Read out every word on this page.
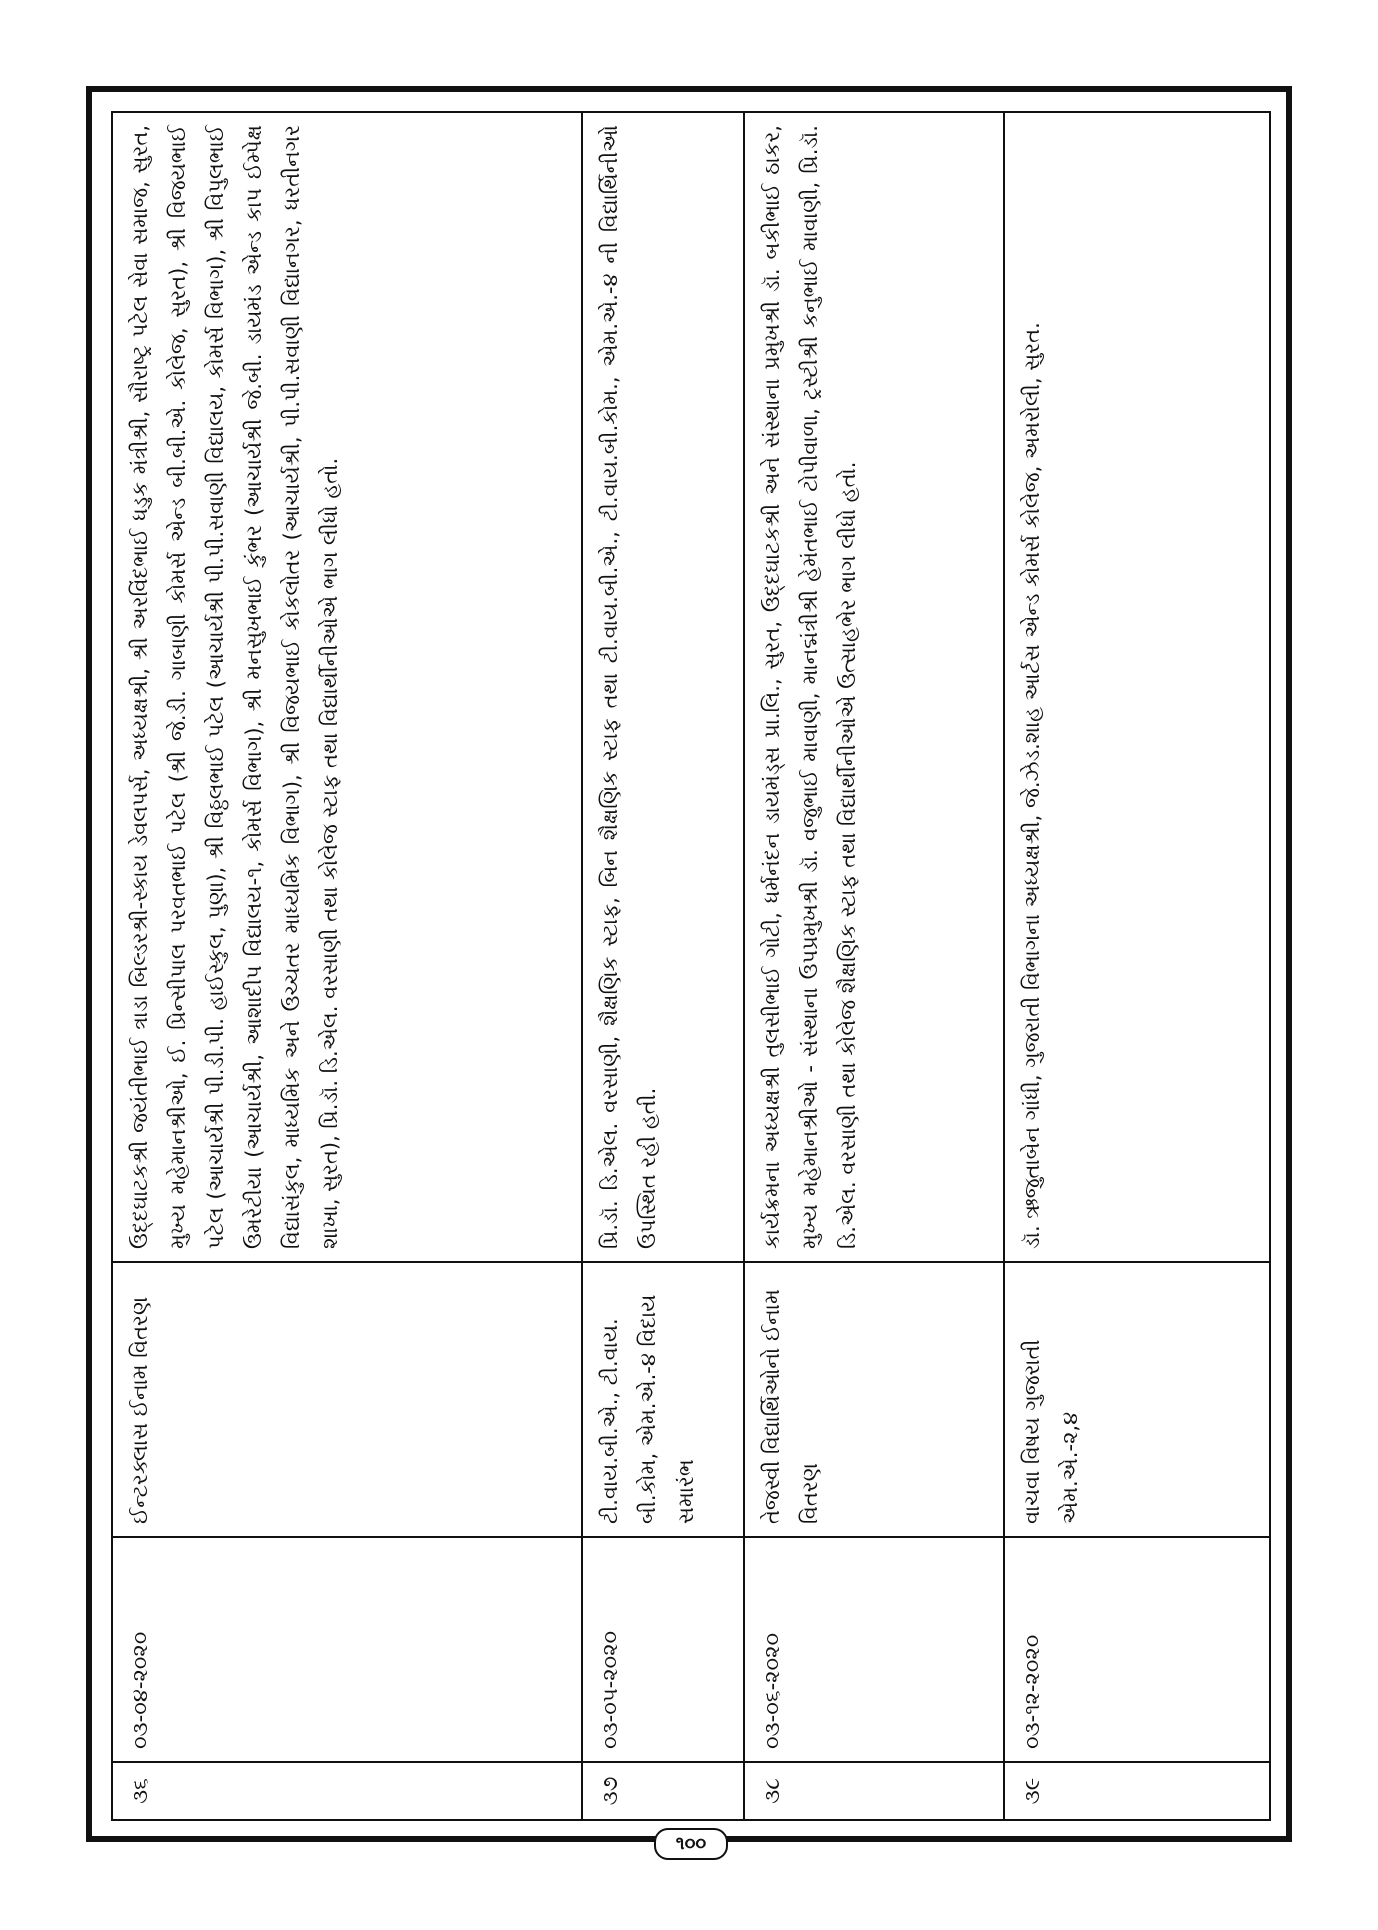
૩૬	૦૩-૦૪-૨૦૨૦	ઈન્ટરક્લાસ ઈનામ વિતરણ	ઉદ્દઘાટકશ્રી જયંતીભાઈ ત્રાડા બિલ્ડરશ્રી-સ્કાય ડેવલપર્સ, અધ્યક્ષશ્રી, શ્રી અરવિંદભાઈ ધડુક મંત્રીશ્રી, સૌરાષ્ટ્ર પટેલ સેવા સમાજ, સુરત, મુખ્ય મહેમાનશ્રીઓ, ઈ. પ્રિન્સીપાલ પરવતભાઈ પટેલ (શ્રી જે.ડી. ગાબાણી કોમર્સ એન્ડ બી.બી.એ. કોલેજ, સુરત), શ્રી વિજયભાઈ પટેલ (આચાર્યશ્રી પી.ડી.પી. હાઈસ્કુલ, પુણા), શ્રી વિઠ્ઠલભાઈ પટેલ (આચાર્યશ્રી પી.પી.સવાણી વિદ્યાલય, કોમર્સ વિભાગ), શ્રી વિપુલભાઈ ઉમરેટીયા (આચાર્યશ્રી, આશાદીપ વિદ્યાલય-૧, કોમર્સ વિભાગ), શ્રી મનસુખભાઈ કુંભર (આચાર્યશ્રી જે.બી. ડાયમંડ એન્ડ કાપ ઈમ્પેક્ષ વિદ્યાસંકુલ, માધ્યમિક અને ઉચ્ચતર માધ્યમિક વિભાગ), શ્રી વિજયભાઈ કોકલોતર (આચાર્યશ્રી, પી.પી.સવાણી વિદ્યાનગર, ધરતીનગર શાખા, સુરત), પ્રિ.ડૉ. ડિ.એલ. વરસાણી તથા કોલેજ સ્ટાફ તથા વિદ્યાર્થીનીઓએ ભાગ લીધો હતો.
૩૭	૦૩-૦૫-૨૦૨૦	ટી.વાય.બી.એ., ટી.વાય. બી.કોમ, એમ.એ.-૪ વિદાય સમારંભ	પ્રિ.ડૉ. ડિ.એલ. વરસાણી, શૈક્ષણિક સ્ટાફ, બિન શૈક્ષણિક સ્ટાફ તથા ટી.વાય.બી.એ., ટી.વાય.બી.કોમ., એમ.એ.-૪ ની વિદ્યાર્થિનીઓ ઉપસ્થિત રહી હતી.
૩૮	૦૩-૦૬-૨૦૨૦	તેજસ્વી વિદ્યાર્થિઓનો ઈનામ વિતરણ	કાર્યક્રમના અધ્યક્ષશ્રી તુલસીભાઈ ગોટી, ધર્મનંદન ડાયમંડ્સ પ્રા.લિ., સુરત, ઉદ્દઘાટકશ્રી અને સંસ્થાના પ્રમુખશ્રી ડૉ. બકીભાઈ ઠાકર, મુખ્ય મહેમાનશ્રીઓ - સંસ્થાના ઉપપ્રમુખશ્રી ડૉ. વજુભાઈ માવાણી, માનદ્મંત્રીશ્રી હેમંતભાઈ ટોપીવાળા, ટ્રસ્ટીશ્રી કનુભાઈ માવાણી, પ્રિ.ડૉ. ડિ.એલ. વરસાણી તથા કોલેજ શૈક્ષણિક સ્ટાફ તથા વિદ્યાર્થીનીઓએ ઉત્સાહભેર ભાગ લીધો હતો.
૩૯	૦૩-૧૨-૨૦૨૦	વાચવા વિષય ગુજરાતી એમ.એ.-૨,૪	ડૉ. ઋજુતાબેન ગાંધી, ગુજરાતી વિભાગના અધ્યક્ષશ્રી, જે.ઝેડ.શાહ આર્ટસ એન્ડ કોમર્સ કોલેજ, અમરોલી, સુરત.
૧૦૦
